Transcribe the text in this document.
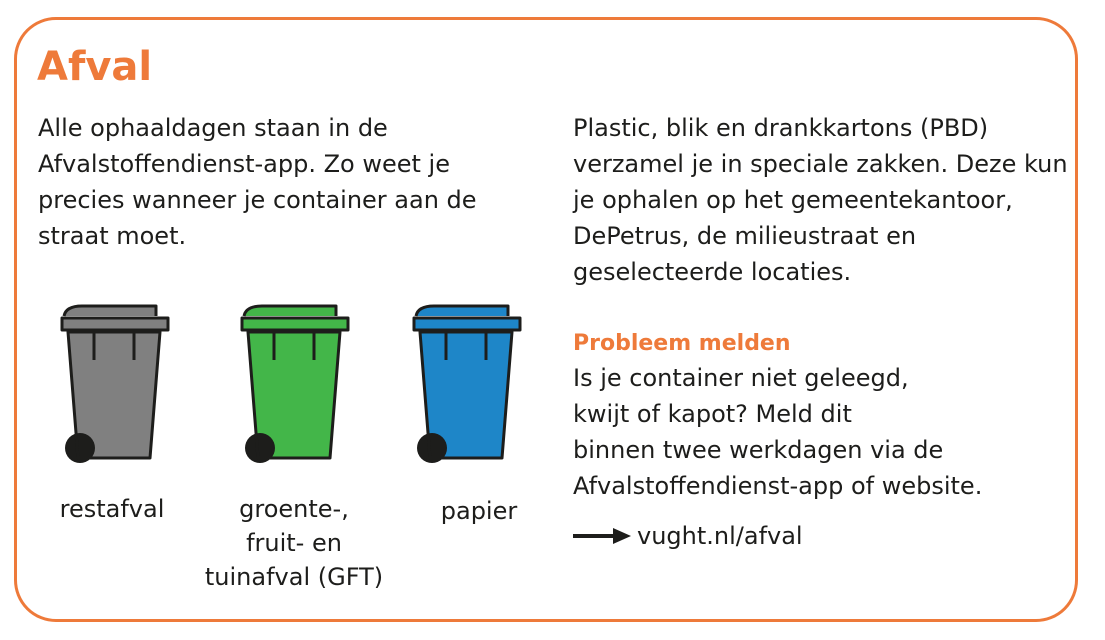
Afval

Alle ophaaldagen staan in de Afvalstoffendienst-app. Zo weet je precies wanneer je container aan de straat moet.

restafval	groente-,
fruit- en
tuinafval (GFT)

papier

Plastic, blik en drankkartons (PBD) verzamel je in speciale zakken. Deze kun je ophalen op het gemeentekantoor, DePetrus, de milieustraat en geselecteerde locaties.

Probleem melden

Is je container niet geleegd,
kwijt of kapot? Meld dit
binnen twee werkdagen via de
Afvalstoffendienst-app of website.

vught.nl/afval
